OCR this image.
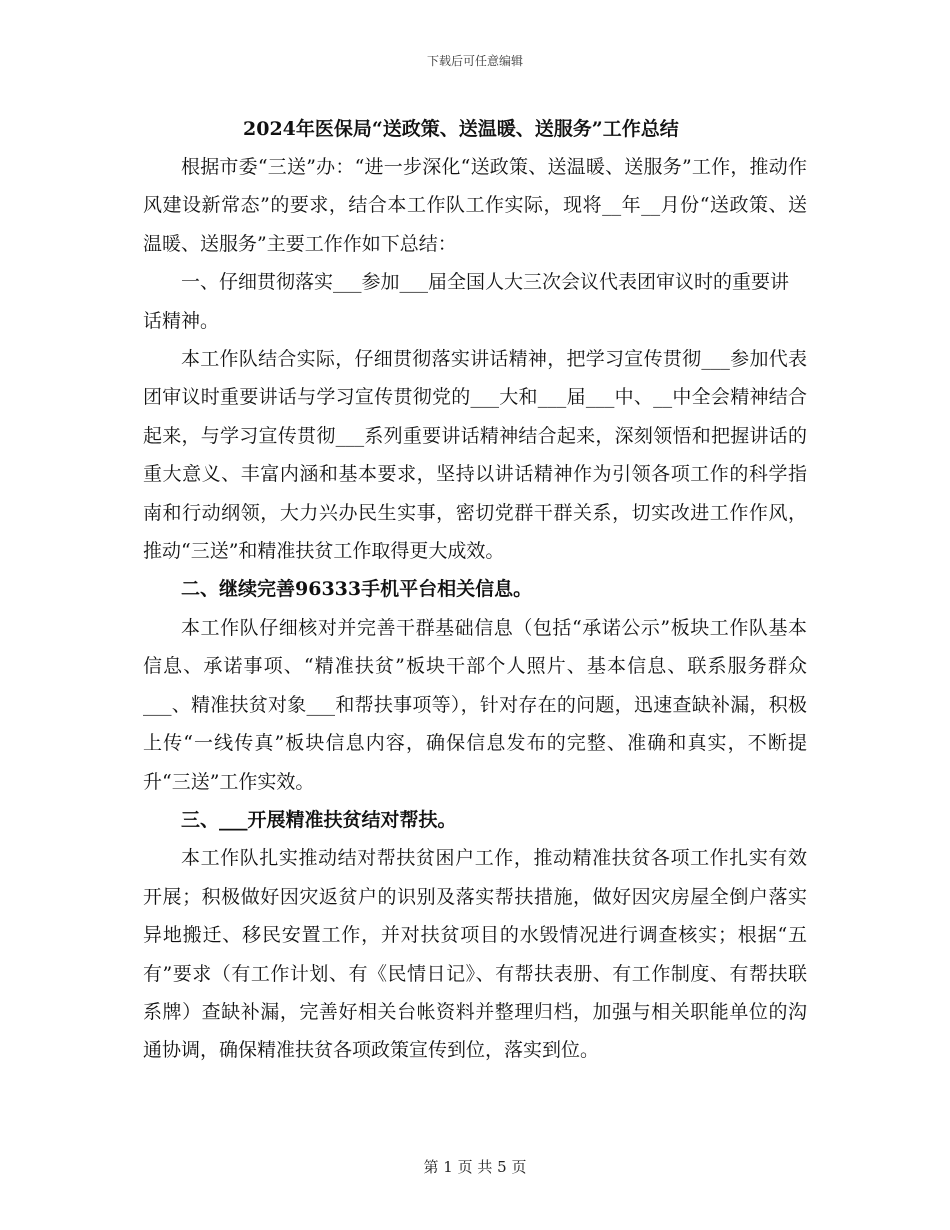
下载后可任意编辑
2024年医保局“送政策、送温暖、送服务”工作总结

根据市委“三送”办：“进一步深化“送政策、送温暖、送服务”工作，推动作风建设新常态”的要求，结合本工作队工作实际，现将__年__月份“送政策、送温暖、送服务”主要工作作如下总结：

一、仔细贯彻落实___参加___届全国人大三次会议代表团审议时的重要讲话精神。

本工作队结合实际，仔细贯彻落实讲话精神，把学习宣传贯彻___参加代表团审议时重要讲话与学习宣传贯彻党的___大和___届___中、__中全会精神结合起来，与学习宣传贯彻___系列重要讲话精神结合起来，深刻领悟和把握讲话的重大意义、丰富内涵和基本要求，坚持以讲话精神作为引领各项工作的科学指南和行动纲领，大力兴办民生实事，密切党群干群关系，切实改进工作作风，推动“三送”和精准扶贫工作取得更大成效。

二、继续完善96333手机平台相关信息。

本工作队仔细核对并完善干群基础信息（包括“承诺公示”板块工作队基本信息、承诺事项、“精准扶贫”板块干部个人照片、基本信息、联系服务群众___、精准扶贫对象___和帮扶事项等），针对存在的问题，迅速查缺补漏，积极上传“一线传真”板块信息内容，确保信息发布的完整、准确和真实，不断提升“三送”工作实效。

三、___开展精准扶贫结对帮扶。

本工作队扎实推动结对帮扶贫困户工作，推动精准扶贫各项工作扎实有效开展；积极做好因灾返贫户的识别及落实帮扶措施，做好因灾房屋全倒户落实异地搬迁、移民安置工作，并对扶贫项目的水毁情况进行调查核实；根据“五有”要求（有工作计划、有《民情日记》、有帮扶表册、有工作制度、有帮扶联系牌）查缺补漏，完善好相关台帐资料并整理归档，加强与相关职能单位的沟通协调，确保精准扶贫各项政策宣传到位，落实到位。

第 1 页 共 5 页
